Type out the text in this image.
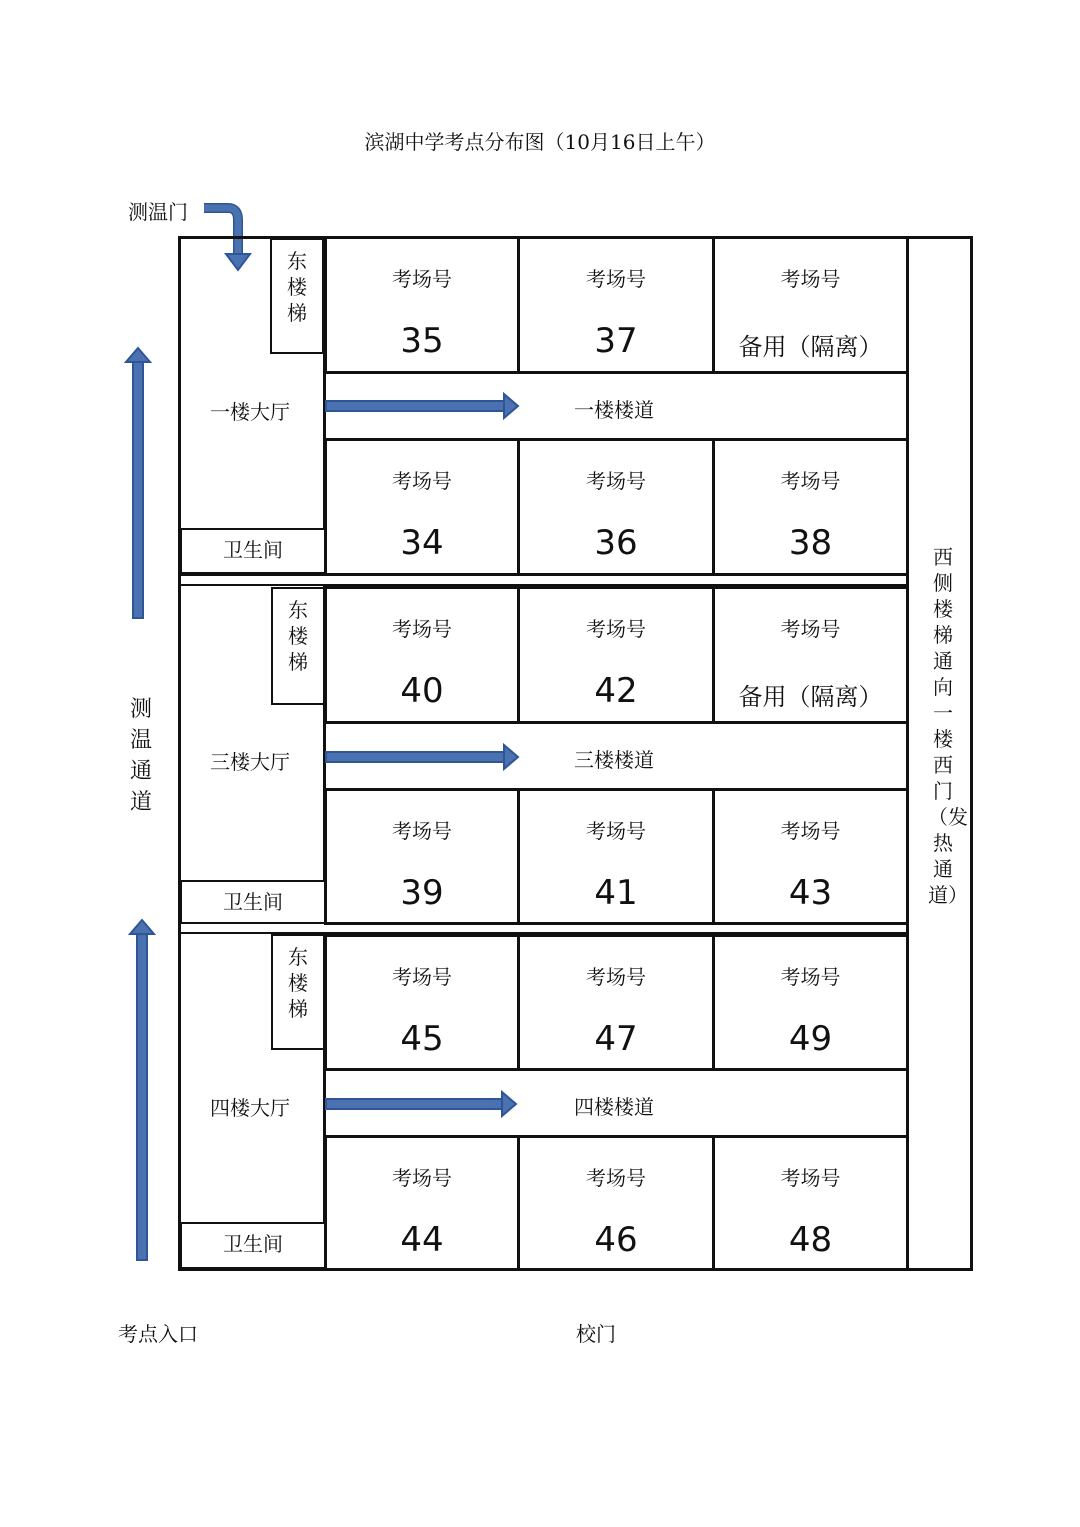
滨湖中学考点分布图（10月16日上午）
测温门
测温通道
西侧楼梯通向一楼西门（发热通道）
东楼梯
一楼大厅
卫生间
考场号
35
考场号
37
考场号
备用（隔离）
一楼楼道
考场号
34
考场号
36
考场号
38
东楼梯
三楼大厅
卫生间
考场号
40
考场号
42
考场号
备用（隔离）
三楼楼道
考场号
39
考场号
41
考场号
43
东楼梯
四楼大厅
卫生间
考场号
45
考场号
47
考场号
49
四楼楼道
考场号
44
考场号
46
考场号
48
考点入口	校门
